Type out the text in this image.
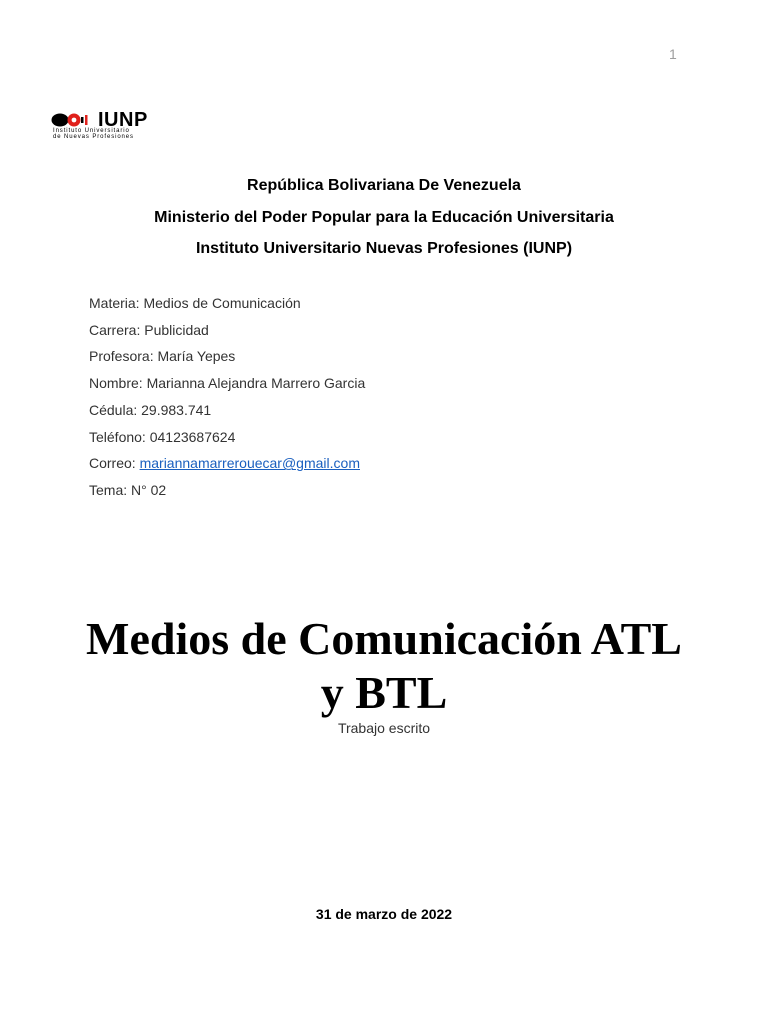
1
IUNP
Instituto Universitario
de Nuevas Profesiones
República Bolivariana De Venezuela
Ministerio del Poder Popular para la Educación Universitaria
Instituto Universitario Nuevas Profesiones (IUNP)
Materia: Medios de Comunicación
Carrera: Publicidad
Profesora: María Yepes
Nombre: Marianna Alejandra Marrero Garcia
Cédula: 29.983.741
Teléfono: 04123687624
Correo: mariannamarrerouecar@gmail.com
Tema: N° 02
Medios de Comunicación ATL
y BTL
Trabajo escrito
31 de marzo de 2022
